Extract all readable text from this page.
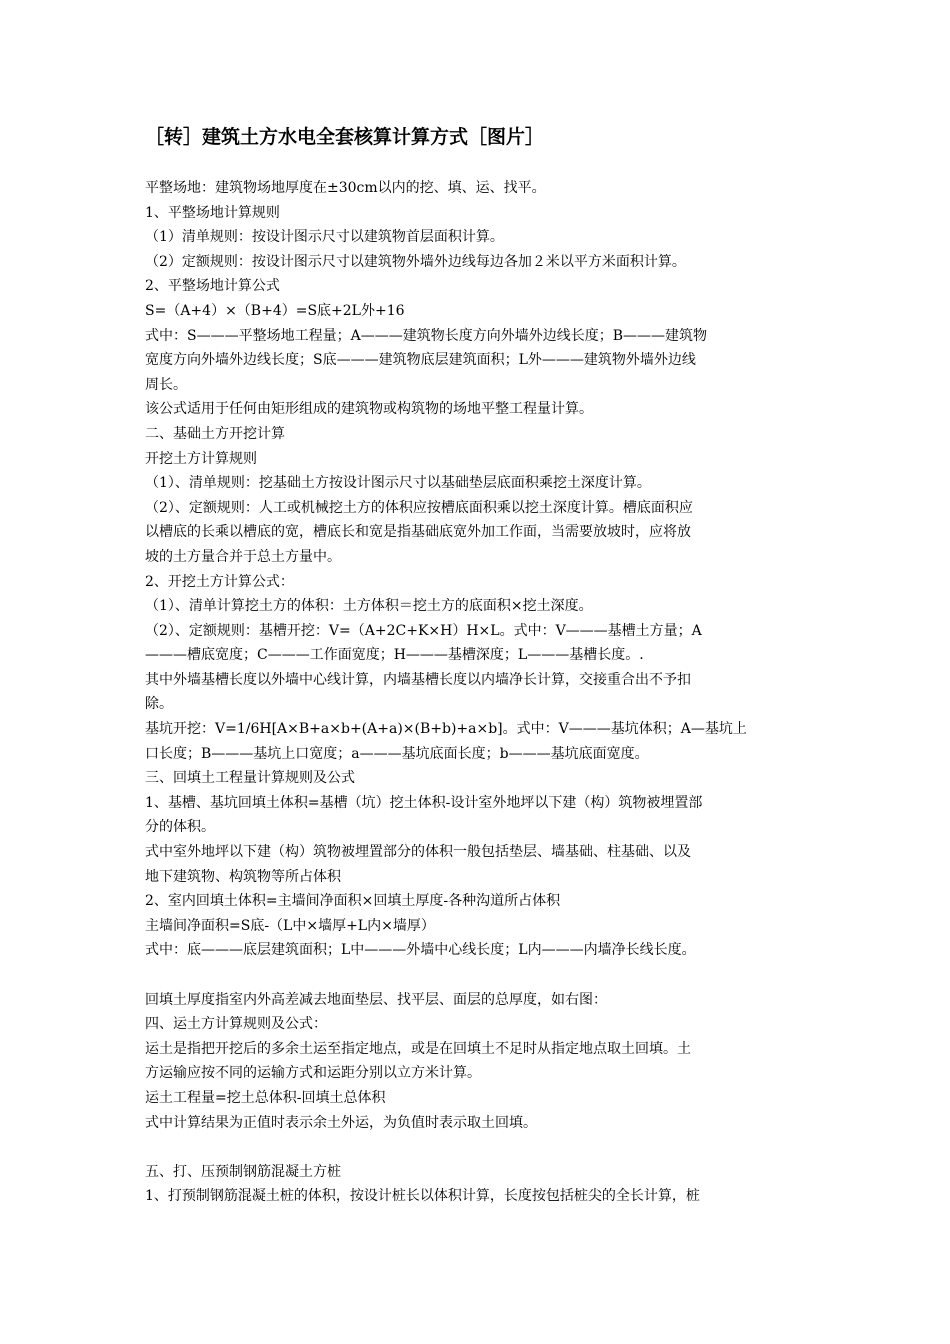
［转］建筑土方水电全套核算计算方式［图片］
平整场地：建筑物场地厚度在±30cm以内的挖、填、运、找平。
1、平整场地计算规则
（1）清单规则：按设计图示尺寸以建筑物首层面积计算。
（2）定额规则：按设计图示尺寸以建筑物外墙外边线每边各加２米以平方米面积计算。
2、平整场地计算公式
S=（A+4）×（B+4）=S底+2L外+16
式中：S———平整场地工程量；A———建筑物长度方向外墙外边线长度；B———建筑物
宽度方向外墙外边线长度；S底———建筑物底层建筑面积；L外———建筑物外墙外边线
周长。
该公式适用于任何由矩形组成的建筑物或构筑物的场地平整工程量计算。
二、基础土方开挖计算
开挖土方计算规则
（1）、清单规则：挖基础土方按设计图示尺寸以基础垫层底面积乘挖土深度计算。
（2）、定额规则：人工或机械挖土方的体积应按槽底面积乘以挖土深度计算。槽底面积应
以槽底的长乘以槽底的宽，槽底长和宽是指基础底宽外加工作面，当需要放坡时，应将放
坡的土方量合并于总土方量中。
2、开挖土方计算公式：
（1）、清单计算挖土方的体积：土方体积＝挖土方的底面积×挖土深度。
（2）、定额规则：基槽开挖：V=（A+2C+K×H）H×L。式中：V———基槽土方量；A
———槽底宽度；C———工作面宽度；H———基槽深度；L———基槽长度。.
其中外墙基槽长度以外墙中心线计算，内墙基槽长度以内墙净长计算，交接重合出不予扣
除。
基坑开挖：V=1/6H[A×B+a×b+(A+a)×(B+b)+a×b]。式中：V———基坑体积；A—基坑上
口长度；B———基坑上口宽度；a———基坑底面长度；b———基坑底面宽度。
三、回填土工程量计算规则及公式
1、基槽、基坑回填土体积=基槽（坑）挖土体积-设计室外地坪以下建（构）筑物被埋置部
分的体积。
式中室外地坪以下建（构）筑物被埋置部分的体积一般包括垫层、墙基础、柱基础、以及
地下建筑物、构筑物等所占体积
2、室内回填土体积=主墙间净面积×回填土厚度-各种沟道所占体积
主墙间净面积=S底-（L中×墙厚+L内×墙厚）
式中：底———底层建筑面积；L中———外墙中心线长度；L内———内墙净长线长度。
回填土厚度指室内外高差减去地面垫层、找平层、面层的总厚度，如右图：
四、运土方计算规则及公式：
运土是指把开挖后的多余土运至指定地点，或是在回填土不足时从指定地点取土回填。土
方运输应按不同的运输方式和运距分别以立方米计算。
运土工程量=挖土总体积-回填土总体积
式中计算结果为正值时表示余土外运，为负值时表示取土回填。
五、打、压预制钢筋混凝土方桩
1、打预制钢筋混凝土桩的体积，按设计桩长以体积计算，长度按包括桩尖的全长计算，桩
